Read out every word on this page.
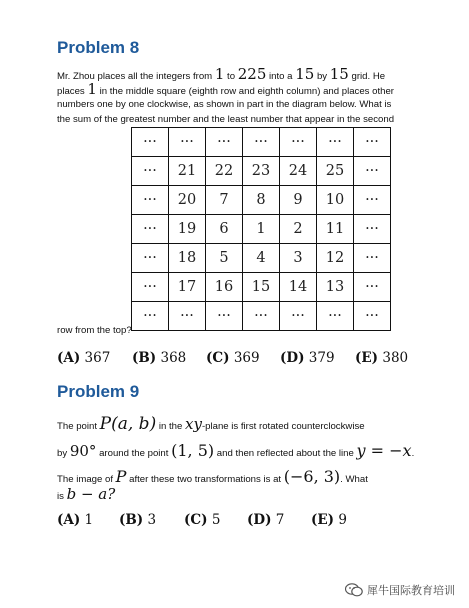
Problem 8
Mr. Zhou places all the integers from 1 to 225 into a 15 by 15 grid. He
places 1 in the middle square (eighth row and eighth column) and places other
numbers one by one clockwise, as shown in part in the diagram below. What is
the sum of the greatest number and the least number that appear in the second
···	···	···	···	···	···	···
···	21	22	23	24	25	···
···	20	7	8	9	10	···
···	19	6	1	2	11	···
···	18	5	4	3	12	···
···	17	16	15	14	13	···
···	···	···	···	···	···	···
row from the top?
(A) 367 (B) 368 (C) 369 (D) 379 (E) 380
Problem 9
The point P(a, b) in the xy-plane is first rotated counterclockwise
by 90° around the point (1, 5) and then reflected about the line y = −x.
The image of P after these two transformations is at (−6, 3). What
is b − a?
(A) 1 (B) 3 (C) 5 (D) 7 (E) 9
犀牛国际教育培训
